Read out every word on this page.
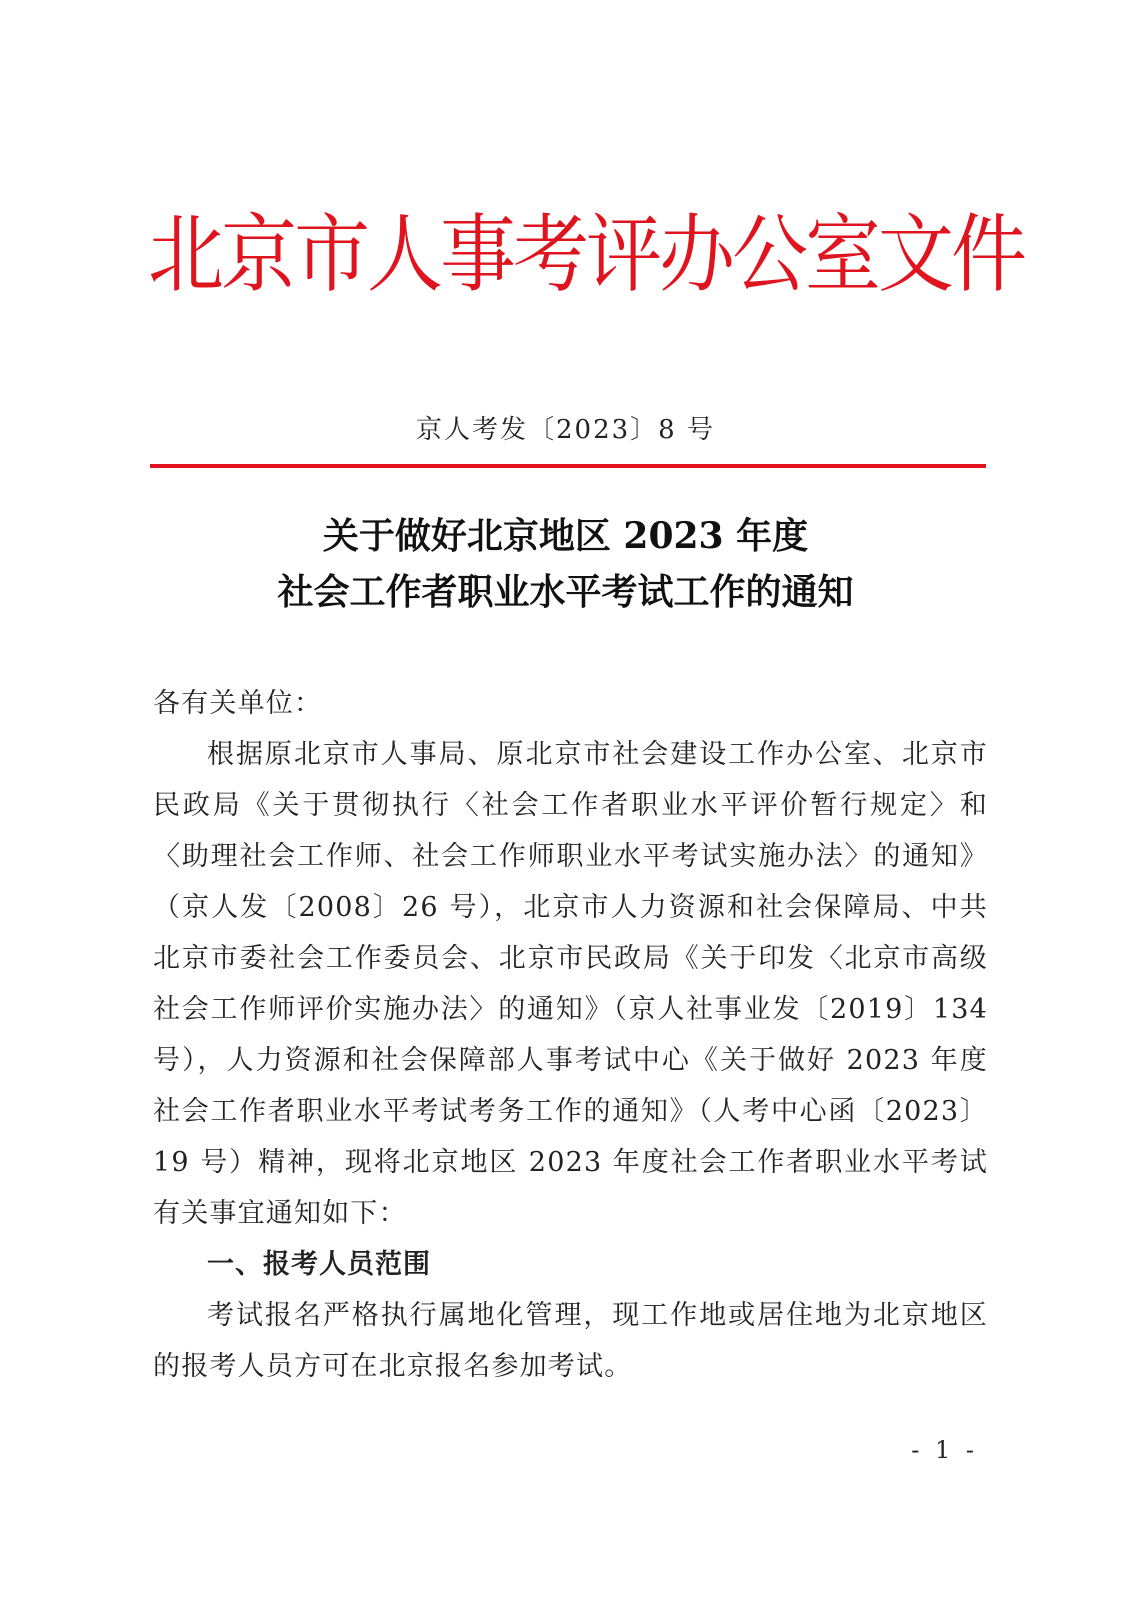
北京市人事考评办公室文件
京人考发〔2023〕8 号
关于做好北京地区 2023 年度
社会工作者职业水平考试工作的通知

各有关单位：

根据原北京市人事局、原北京市社会建设工作办公室、北京市民政局《关于贯彻执行〈社会工作者职业水平评价暂行规定〉和〈助理社会工作师、社会工作师职业水平考试实施办法〉的通知》（京人发〔2008〕26 号），北京市人力资源和社会保障局、中共北京市委社会工作委员会、北京市民政局《关于印发〈北京市高级社会工作师评价实施办法〉的通知》（京人社事业发〔2019〕134 号），人力资源和社会保障部人事考试中心《关于做好 2023 年度社会工作者职业水平考试考务工作的通知》（人考中心函〔2023〕19 号）精神，现将北京地区 2023 年度社会工作者职业水平考试有关事宜通知如下：

一、报考人员范围

考试报名严格执行属地化管理，现工作地或居住地为北京地区的报考人员方可在北京报名参加考试。

- 1 -
